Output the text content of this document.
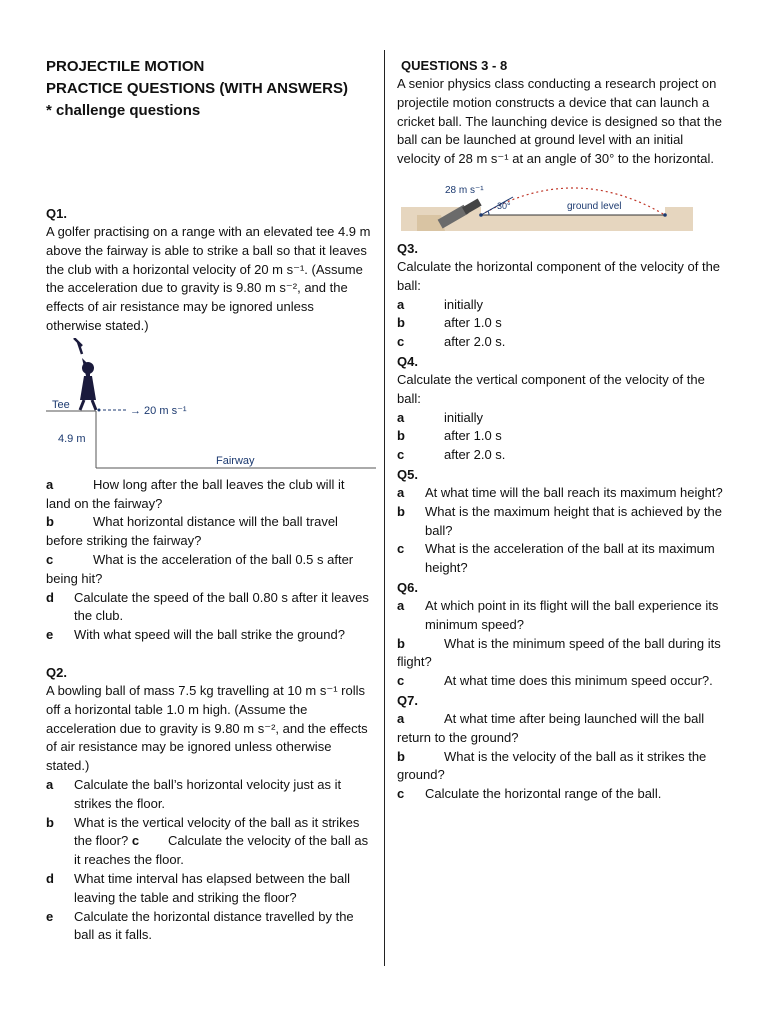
PROJECTILE MOTION
PRACTICE QUESTIONS (WITH ANSWERS)
* challenge questions
Q1.
A golfer practising on a range with an elevated tee 4.9 m above the fairway is able to strike a ball so that it leaves the club with a horizontal velocity of 20 m s⁻¹. (Assume the acceleration due to gravity is 9.80 m s⁻², and the effects of air resistance may be ignored unless otherwise stated.)
Tee	→ 20 m s⁻¹
4.9 m
Fairway
a	How long after the ball leaves the club will it land on the fairway?
b	What horizontal distance will the ball travel before striking the fairway?
c	What is the acceleration of the ball 0.5 s after being hit?
d	Calculate the speed of the ball 0.80 s after it leaves the club.
e	With what speed will the ball strike the ground?
Q2.
A bowling ball of mass 7.5 kg travelling at 10 m s⁻¹ rolls off a horizontal table 1.0 m high. (Assume the acceleration due to gravity is 9.80 m s⁻², and the effects of air resistance may be ignored unless otherwise stated.)
a	Calculate the ball’s horizontal velocity just as it strikes the floor.
b	What is the vertical velocity of the ball as it strikes the floor? c Calculate the velocity of the ball as it reaches the floor.
d	What time interval has elapsed between the ball leaving the table and striking the floor?
e	Calculate the horizontal distance travelled by the ball as it falls.
QUESTIONS 3 - 8
A senior physics class conducting a research project on projectile motion constructs a device that can launch a cricket ball. The launching device is designed so that the ball can be launched at ground level with an initial velocity of 28 m s⁻¹ at an angle of 30° to the horizontal.
28 m s⁻¹
30°	ground level
Q3.
Calculate the horizontal component of the velocity of the ball:
a	initially
b	after 1.0 s
c	after 2.0 s.
Q4.
Calculate the vertical component of the velocity of the ball:
a	initially
b	after 1.0 s
c	after 2.0 s.
Q5.
a	At what time will the ball reach its maximum height?
b	What is the maximum height that is achieved by the ball?
c	What is the acceleration of the ball at its maximum height?
Q6.
a	At which point in its flight will the ball experience its minimum speed?
b	What is the minimum speed of the ball during its flight?
c	At what time does this minimum speed occur?.
Q7.
a	At what time after being launched will the ball return to the ground?
b	What is the velocity of the ball as it strikes the ground?
c	Calculate the horizontal range of the ball.
